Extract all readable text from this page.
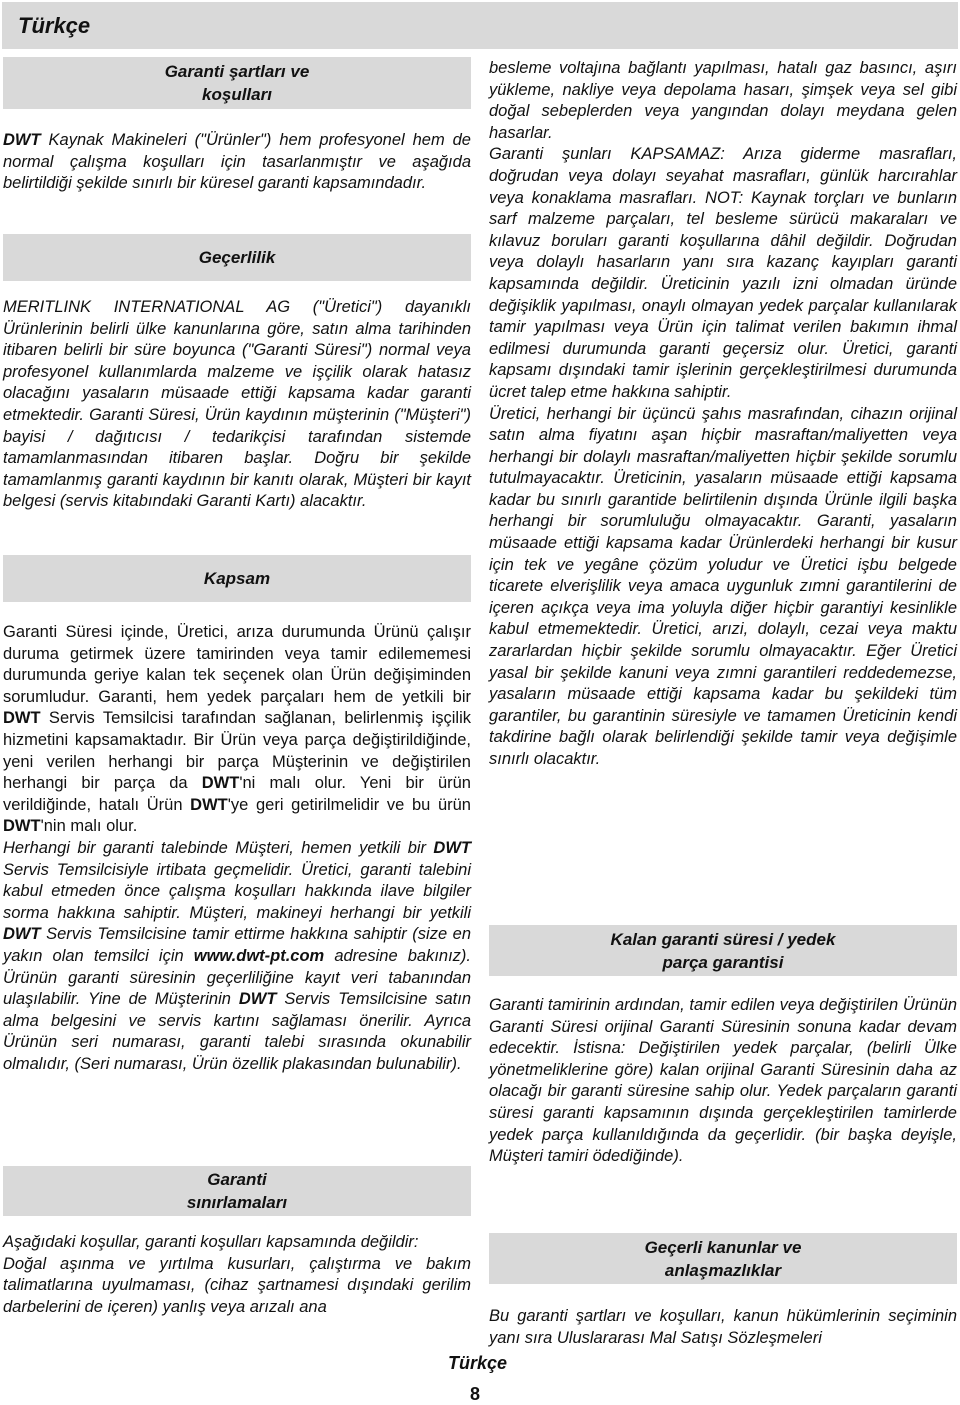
Türkçe
Garanti şartları ve
koşulları

DWT Kaynak Makineleri ("Ürünler") hem profesyonel hem de normal çalışma koşulları için tasarlanmıştır ve aşağıda belirtildiği şekilde sınırlı bir küresel garanti kapsamındadır.

Geçerlilik

MERITLINK INTERNATIONAL AG ("Üretici") dayanıklı Ürünlerinin belirli ülke kanunlarına göre, satın alma tarihinden itibaren belirli bir süre boyunca ("Garanti Süresi") normal veya profesyonel kullanımlarda malzeme ve işçilik olarak hatasız olacağını yasaların müsaade ettiği kapsama kadar garanti etmektedir. Garanti Süresi, Ürün kaydının müşterinin ("Müşteri") bayisi / dağıtıcısı / tedarikçisi tarafından sistemde tamamlanmasından itibaren başlar. Doğru bir şekilde tamamlanmış garanti kaydının bir kanıtı olarak, Müşteri bir kayıt belgesi (servis kitabındaki Garanti Kartı) alacaktır.

Kapsam
Garanti Süresi içinde, Üretici, arıza durumunda Ürünü çalışır duruma getirmek üzere tamirinden veya tamir edilememesi durumunda geriye kalan tek seçenek olan Ürün değişiminden sorumludur. Garanti, hem yedek parçaları hem de yetkili bir DWT Servis Temsilcisi tarafından sağlanan, belirlenmiş işçilik hizmetini kapsamaktadır. Bir Ürün veya parça değiştirildiğinde, yeni verilen herhangi bir parça Müşterinin ve değiştirilen herhangi bir parça da DWT'ni malı olur. Yeni bir ürün verildiğinde, hatalı Ürün DWT'ye geri getirilmelidir ve bu ürün DWT'nin malı olur.
Herhangi bir garanti talebinde Müşteri, hemen yetkili bir DWT Servis Temsilcisiyle irtibata geçmelidir. Üretici, garanti talebini kabul etmeden önce çalışma koşulları hakkında ilave bilgiler sorma hakkına sahiptir. Müşteri, makineyi herhangi bir yetkili DWT Servis Temsilcisine tamir ettirme hakkına sahiptir (size en yakın olan temsilci için www.dwt-pt.com adresine bakınız). Ürünün garanti süresinin geçerliliğine kayıt veri tabanından ulaşılabilir. Yine de Müşterinin DWT Servis Temsilcisine satın alma belgesini ve servis kartını sağlaması önerilir. Ayrıca Ürünün seri numarası, garanti talebi sırasında okunabilir olmalıdır, (Seri numarası, Ürün özellik plakasından bulunabilir).
Garanti
sınırlamaları
Aşağıdaki koşullar, garanti koşulları kapsamında değildir:
Doğal aşınma ve yırtılma kusurları, çalıştırma ve bakım talimatlarına uyulmaması, (cihaz şartnamesi dışındaki gerilim darbelerini de içeren) yanlış veya arızalı ana
besleme voltajına bağlantı yapılması, hatalı gaz basıncı, aşırı yükleme, nakliye veya depolama hasarı, şimşek veya sel gibi doğal sebeplerden veya yangından dolayı meydana gelen hasarlar.
Garanti şunları KAPSAMAZ: Arıza giderme masrafları, doğrudan veya dolayı seyahat masrafları, günlük harcırahlar veya konaklama masrafları. NOT: Kaynak torçları ve bunların sarf malzeme parçaları, tel besleme sürücü makaraları ve kılavuz boruları garanti koşullarına dâhil değildir. Doğrudan veya dolaylı hasarların yanı sıra kazanç kayıpları garanti kapsamında değildir. Üreticinin yazılı izni olmadan üründe değişiklik yapılması, onaylı olmayan yedek parçalar kullanılarak tamir yapılması veya Ürün için talimat verilen bakımın ihmal edilmesi durumunda garanti geçersiz olur. Üretici, garanti kapsamı dışındaki tamir işlerinin gerçekleştirilmesi durumunda ücret talep etme hakkına sahiptir.
Üretici, herhangi bir üçüncü şahıs masrafından, cihazın orijinal satın alma fiyatını aşan hiçbir masraftan/maliyetten veya herhangi bir dolaylı masraftan/maliyetten hiçbir şekilde sorumlu tutulmayacaktır. Üreticinin, yasaların müsaade ettiği kapsama kadar bu sınırlı garantide belirtilenin dışında Ürünle ilgili başka herhangi bir sorumluluğu olmayacaktır. Garanti, yasaların müsaade ettiği kapsama kadar Ürünlerdeki herhangi bir kusur için tek ve yegâne çözüm yoludur ve Üretici işbu belgede ticarete elverişlilik veya amaca uygunluk zımni garantilerini de içeren açıkça veya ima yoluyla diğer hiçbir garantiyi kesinlikle kabul etmemektedir. Üretici, arızi, dolaylı, cezai veya maktu zararlardan hiçbir şekilde sorumlu olmayacaktır. Eğer Üretici yasal bir şekilde kanuni veya zımni garantileri reddedemezse, yasaların müsaade ettiği kapsama kadar bu şekildeki tüm garantiler, bu garantinin süresiyle ve tamamen Üreticinin kendi takdirine bağlı olarak belirlendiği şekilde tamir veya değişimle sınırlı olacaktır.
Kalan garanti süresi / yedek
parça garantisi

Garanti tamirinin ardından, tamir edilen veya değiştirilen Ürünün Garanti Süresi orijinal Garanti Süresinin sonuna kadar devam edecektir. İstisna: Değiştirilen yedek parçalar, (belirli Ülke yönetmeliklerine göre) kalan orijinal Garanti Süresinin daha az olacağı bir garanti süresine sahip olur. Yedek parçaların garanti süresi garanti kapsamının dışında gerçekleştirilen tamirlerde yedek parça kullanıldığında da geçerlidir. (bir başka deyişle, Müşteri tamiri ödediğinde).

Geçerli kanunlar ve
anlaşmazlıklar

Bu garanti şartları ve koşulları, kanun hükümlerinin seçiminin yanı sıra Uluslararası Mal Satışı Sözleşmeleri

Türkçe
8
